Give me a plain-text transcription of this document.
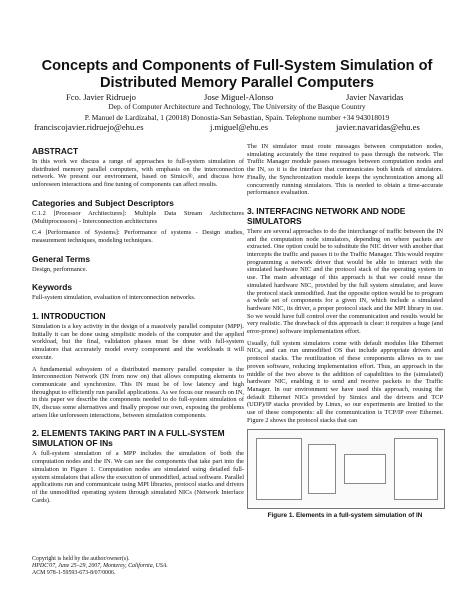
Concepts and Components of Full-System Simulation of
Distributed Memory Parallel Computers
Fco. Javier Ridruejo	Jose Miguel-Alonso	Javier Navaridas
Dep. of Computer Architecture and Technology, The University of the Basque Country
P. Manuel de Lardizabal, 1 (20018) Donostia-San Sebastian, Spain. Telephone number +34 943018019
franciscojavier.ridruejo@ehu.es	j.miguel@ehu.es	javier.navaridas@ehu.es
ABSTRACT

In this work we discuss a range of approaches to full-system simulation of distributed memory parallel computers, with emphasis on the interconnection network. We present our environment, based on Simics®, and discuss how unforeseen interactions and fine tuning of components can affect results.

Categories and Subject Descriptors

C.1.2 [Processor Architectures]: Multiple Data Stream Architectures (Multiprocessors) - Interconnection architectures

C.4 [Performance of Systems]: Performance of systems - Design studies, measurement techniques, modeling techniques.

General Terms

Design, performance.

Keywords

Full-system simulation, evaluation of interconnection networks.

1. INTRODUCTION

Simulation is a key activity in the design of a massively parallel computer (MPP). Initially it can be done using simplistic models of the computer and the applied workload, but the final, validation phases must be done with full-system simulators that accurately model every component and the workloads it will execute.

A fundamental subsystem of a distributed memory parallel computer is the Interconnection Network (IN from now on) that allows computing elements to communicate and synchronize. This IN must be of low latency and high throughput to efficiently run parallel applications. As we focus our research on IN, in this paper we describe the components needed to do full-system simulation of IN, discuss some alternatives and finally propose our own, exposing the problems arisen like unforeseen interactions, between simulation components.

2. ELEMENTS TAKING PART IN A FULL-SYSTEM SIMULATION OF INs

A full-system simulation of a MPP includes the simulation of both the computation nodes and the IN. We can see the components that take part into the simulation in Figure 1. Computation nodes are simulated using detailed full-system simulators that allow the execution of unmodified, actual software. Parallel applications run and communicate using MPI libraries, protocol stacks and drivers of the unmodified operating system through simulated NICs (Network Interface Cards).

The IN simulator must route messages between computation nodes, simulating accurately the time required to pass through the network. The Traffic Manager module passes messages between computation nodes and the IN, so it is the interface that communicates both kinds of simulators. Finally, the Synchronization module keeps the synchronization among all concurrently running simulators. This is needed to obtain a time-accurate performance evaluation.

3. INTERFACING NETWORK AND NODE SIMULATORS

There are several approaches to do the interchange of traffic between the IN and the computation node simulators, depending on where packets are extracted. One option could be to substitute the NIC driver with another that intercepts the traffic and passes it to the Traffic Manager. This would require programming a network driver that would be able to interact with the simulated hardware NIC and the protocol stack of the operating system in use. The main advantage of this approach is that we could reuse the simulated hardware NIC, provided by the full system simulator, and leave the protocol stack unmodified. Just the opposite option would be to program a whole set of components for a given IN, which include a simulated hardware NIC, its driver, a proper protocol stack and the MPI library in use. So we would have full control over the communication and results would be very realistic. The drawback of this approach is clear: it requires a huge (and error-prone) software implementation effort.

Usually, full system simulators come with default modules like Ethernet NICs, and can run unmodified OS that include appropriate drivers and protocol stacks. The reutilization of these components allows us to use proven software, reducing implementation effort. Thus, an approach in the middle of the two above is the addition of capabilities to the (simulated) hardware NIC, enabling it to send and receive packets to the Traffic Manager. In our environment we have used this approach, reusing the default Ethernet NICs provided by Simics and the drivers and TCP (UDP)/IP stacks provided by Linux, so our experiments are limited to the use of these components: all the communication is TCP/IP over Ethernet. Figure 2 shows the protocol stacks that can

Figure 1. Elements in a full-system simulation of IN
Copyright is held by the author/owner(s).
HPDC'07, June 25–29, 2007, Monterey, California, USA.
ACM 978-1-59593-673-8/07/0006.
